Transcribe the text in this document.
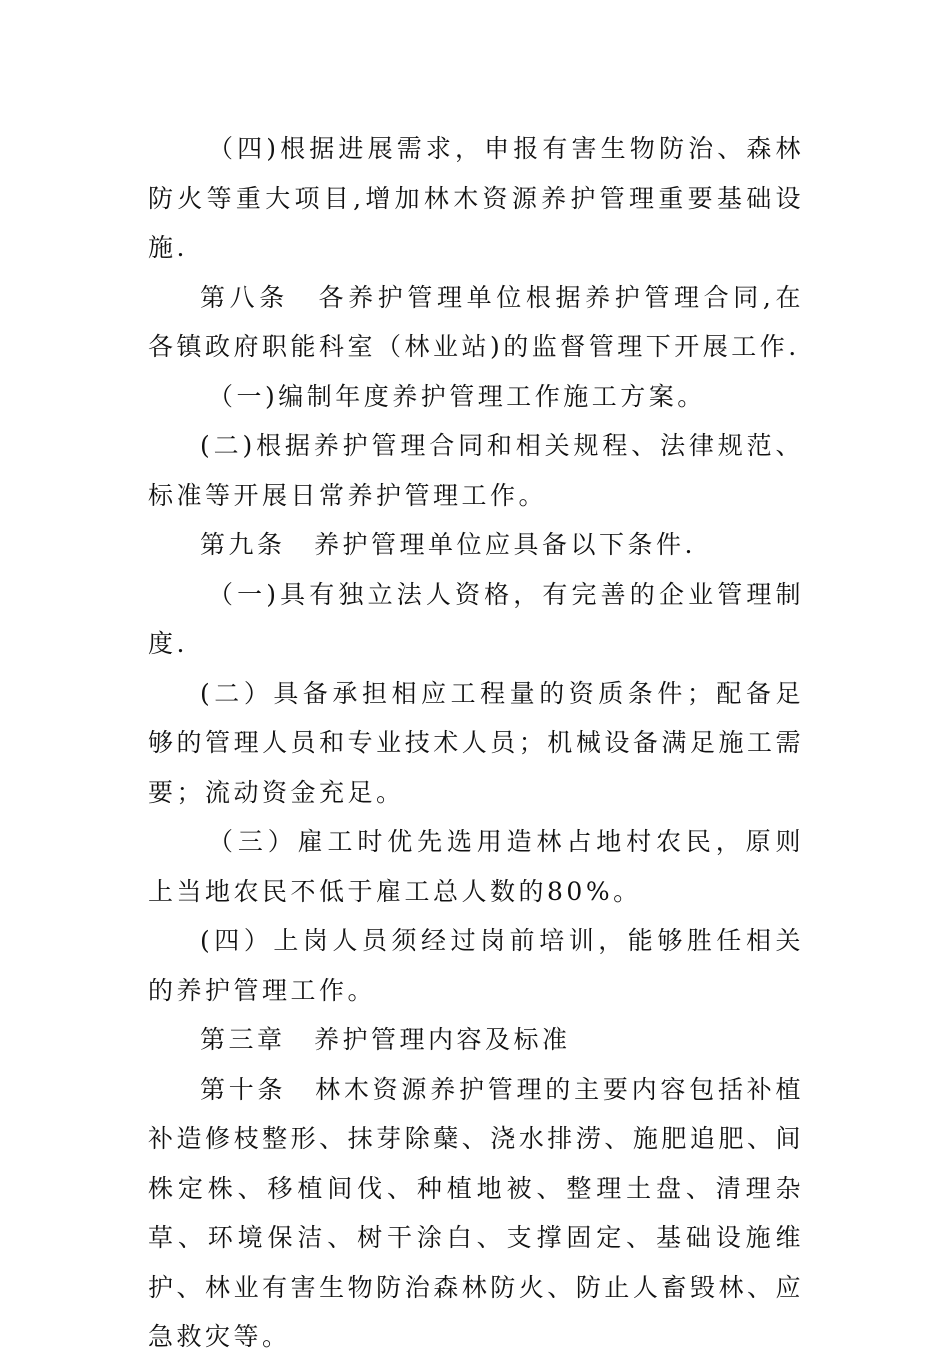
（四)根据进展需求，申报有害生物防治、森林防火等重大项目,增加林木资源养护管理重要基础设施.

第八条　各养护管理单位根据养护管理合同,在各镇政府职能科室（林业站)的监督管理下开展工作.

（一)编制年度养护管理工作施工方案。

(二)根据养护管理合同和相关规程、法律规范、标准等开展日常养护管理工作。

第九条　养护管理单位应具备以下条件.

（一)具有独立法人资格，有完善的企业管理制度.

(二）具备承担相应工程量的资质条件；配备足够的管理人员和专业技术人员；机械设备满足施工需要；流动资金充足。

（三）雇工时优先选用造林占地村农民，原则上当地农民不低于雇工总人数的80%。

(四）上岗人员须经过岗前培训，能够胜任相关的养护管理工作。

第三章　养护管理内容及标准

第十条　林木资源养护管理的主要内容包括补植补造修枝整形、抹芽除蘖、浇水排涝、施肥追肥、间株定株、移植间伐、种植地被、整理土盘、清理杂草、环境保洁、树干涂白、支撑固定、基础设施维护、林业有害生物防治森林防火、防止人畜毁林、应急救灾等。
